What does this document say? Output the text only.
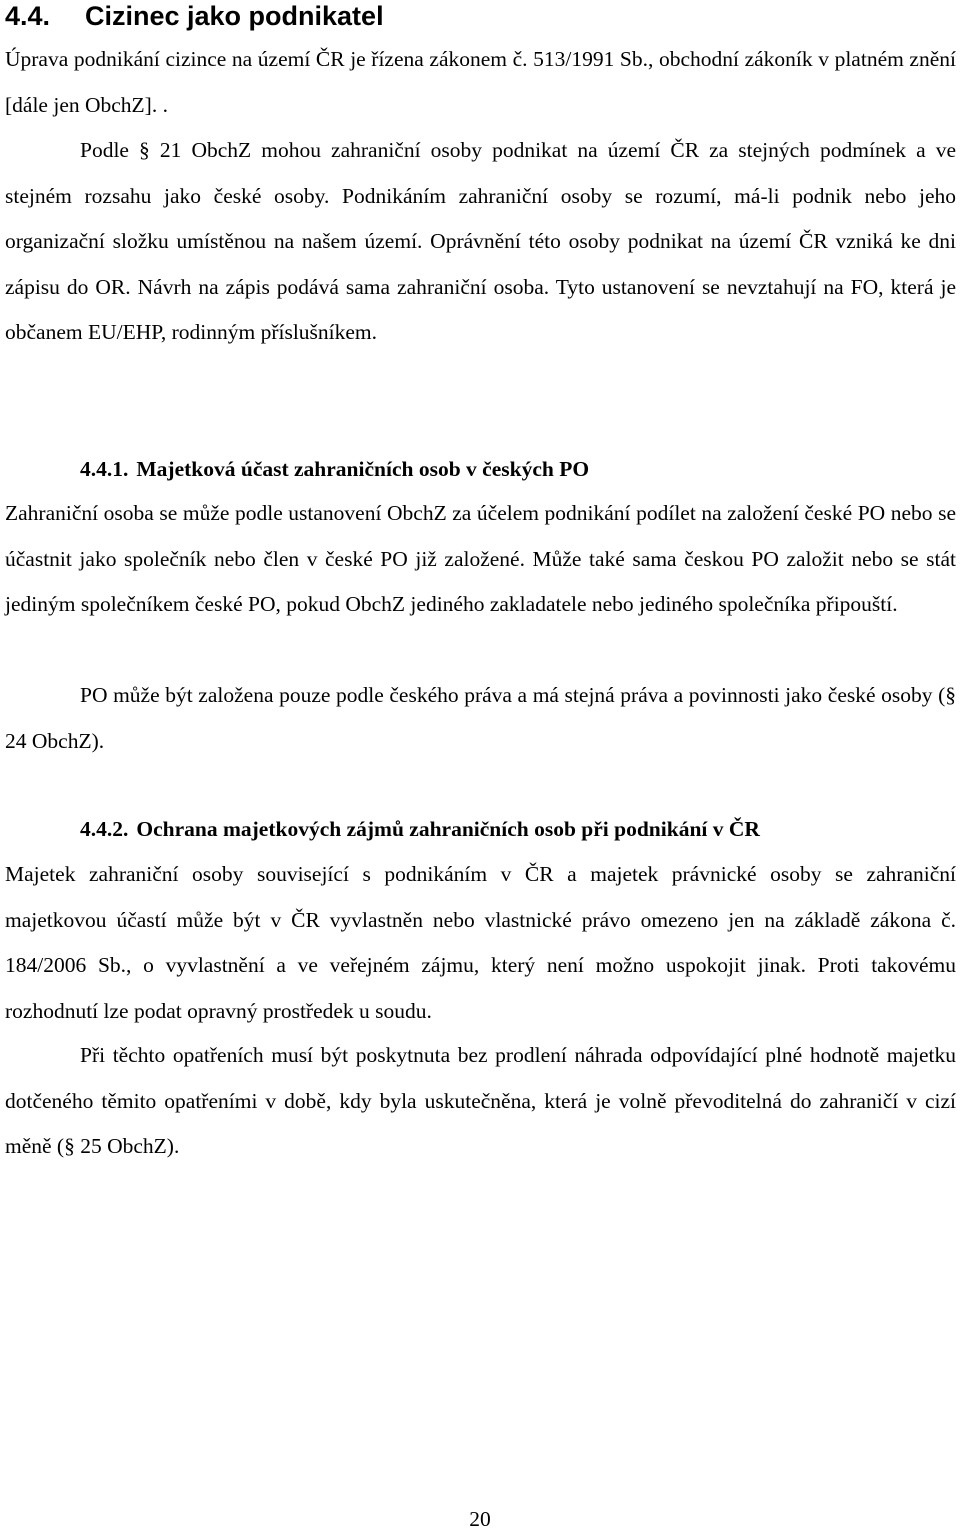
4.4. Cizinec jako podnikatel

Úprava podnikání cizince na území ČR je řízena zákonem č. 513/1991 Sb., obchodní zákoník v platném znění [dále jen ObchZ]. .

Podle § 21 ObchZ mohou zahraniční osoby podnikat na území ČR za stejných podmínek a ve stejném rozsahu jako české osoby. Podnikáním zahraniční osoby se rozumí, má-li podnik nebo jeho organizační složku umístěnou na našem území. Oprávnění této osoby podnikat na území ČR vzniká ke dni zápisu do OR. Návrh na zápis podává sama zahraniční osoba. Tyto ustanovení se nevztahují na FO, která je občanem EU/EHP, rodinným příslušníkem.

4.4.1. Majetková účast zahraničních osob v českých PO

Zahraniční osoba se může podle ustanovení ObchZ za účelem podnikání podílet na založení české PO nebo se účastnit jako společník nebo člen v české PO již založené. Může také sama českou PO založit nebo se stát jediným společníkem české PO, pokud ObchZ jediného zakladatele nebo jediného společníka připouští.

PO může být založena pouze podle českého práva a má stejná práva a povinnosti jako české osoby (§ 24 ObchZ).

4.4.2. Ochrana majetkových zájmů zahraničních osob při podnikání v ČR

Majetek zahraniční osoby související s podnikáním v ČR a majetek právnické osoby se zahraniční majetkovou účastí může být v ČR vyvlastněn nebo vlastnické právo omezeno jen na základě zákona č. 184/2006 Sb., o vyvlastnění a ve veřejném zájmu, který není možno uspokojit jinak. Proti takovému rozhodnutí lze podat opravný prostředek u soudu.

Při těchto opatřeních musí být poskytnuta bez prodlení náhrada odpovídající plné hodnotě majetku dotčeného těmito opatřeními v době, kdy byla uskutečněna, která je volně převoditelná do zahraničí v cizí měně (§ 25 ObchZ).

20
